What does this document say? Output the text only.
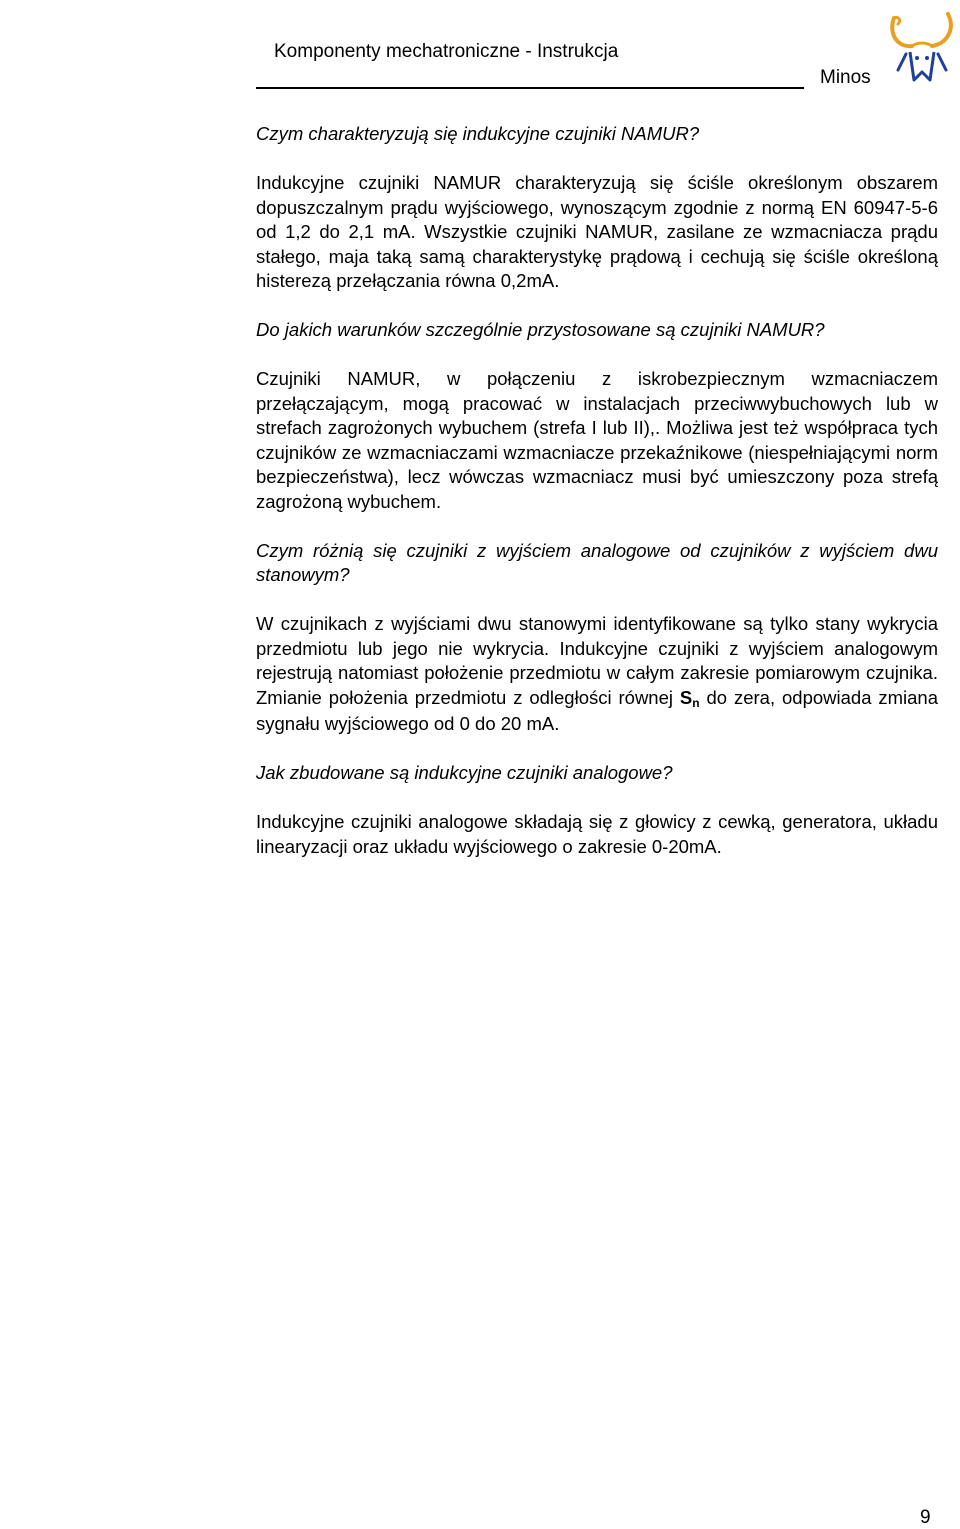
Komponenty mechatroniczne - Instrukcja
Minos

Czym charakteryzują się indukcyjne czujniki NAMUR?

Indukcyjne czujniki NAMUR charakteryzują się ściśle określonym obszarem dopuszczalnym prądu wyjściowego, wynoszącym zgodnie z normą EN 60947-5-6 od 1,2 do 2,1 mA. Wszystkie czujniki NAMUR, zasilane ze wzmacniacza prądu stałego, maja taką samą charakterystykę prądową i cechują się ściśle określoną histerezą przełączania równa 0,2mA.

Do jakich warunków szczególnie przystosowane są czujniki NAMUR?

Czujniki NAMUR, w połączeniu z iskrobezpiecznym wzmacniaczem przełączającym, mogą pracować w instalacjach przeciwwybuchowych lub w strefach zagrożonych wybuchem (strefa I lub II),. Możliwa jest też współpraca tych czujników ze wzmacniaczami wzmacniacze przekaźnikowe (niespełniającymi norm bezpieczeństwa), lecz wówczas wzmacniacz musi być umieszczony poza strefą zagrożoną wybuchem.

Czym różnią się czujniki z wyjściem analogowe od czujników z wyjściem dwu stanowym?

W czujnikach z wyjściami dwu stanowymi identyfikowane są tylko stany wykrycia przedmiotu lub jego nie wykrycia. Indukcyjne czujniki z wyjściem analogowym rejestrują natomiast położenie przedmiotu w całym zakresie pomiarowym czujnika. Zmianie położenia przedmiotu z odległości równej $S_n$ do zera, odpowiada zmiana sygnału wyjściowego od 0 do 20 mA.

Jak zbudowane są indukcyjne czujniki analogowe?

Indukcyjne czujniki analogowe składają się z głowicy z cewką, generatora, układu linearyzacji oraz układu wyjściowego o zakresie 0-20mA.

9
